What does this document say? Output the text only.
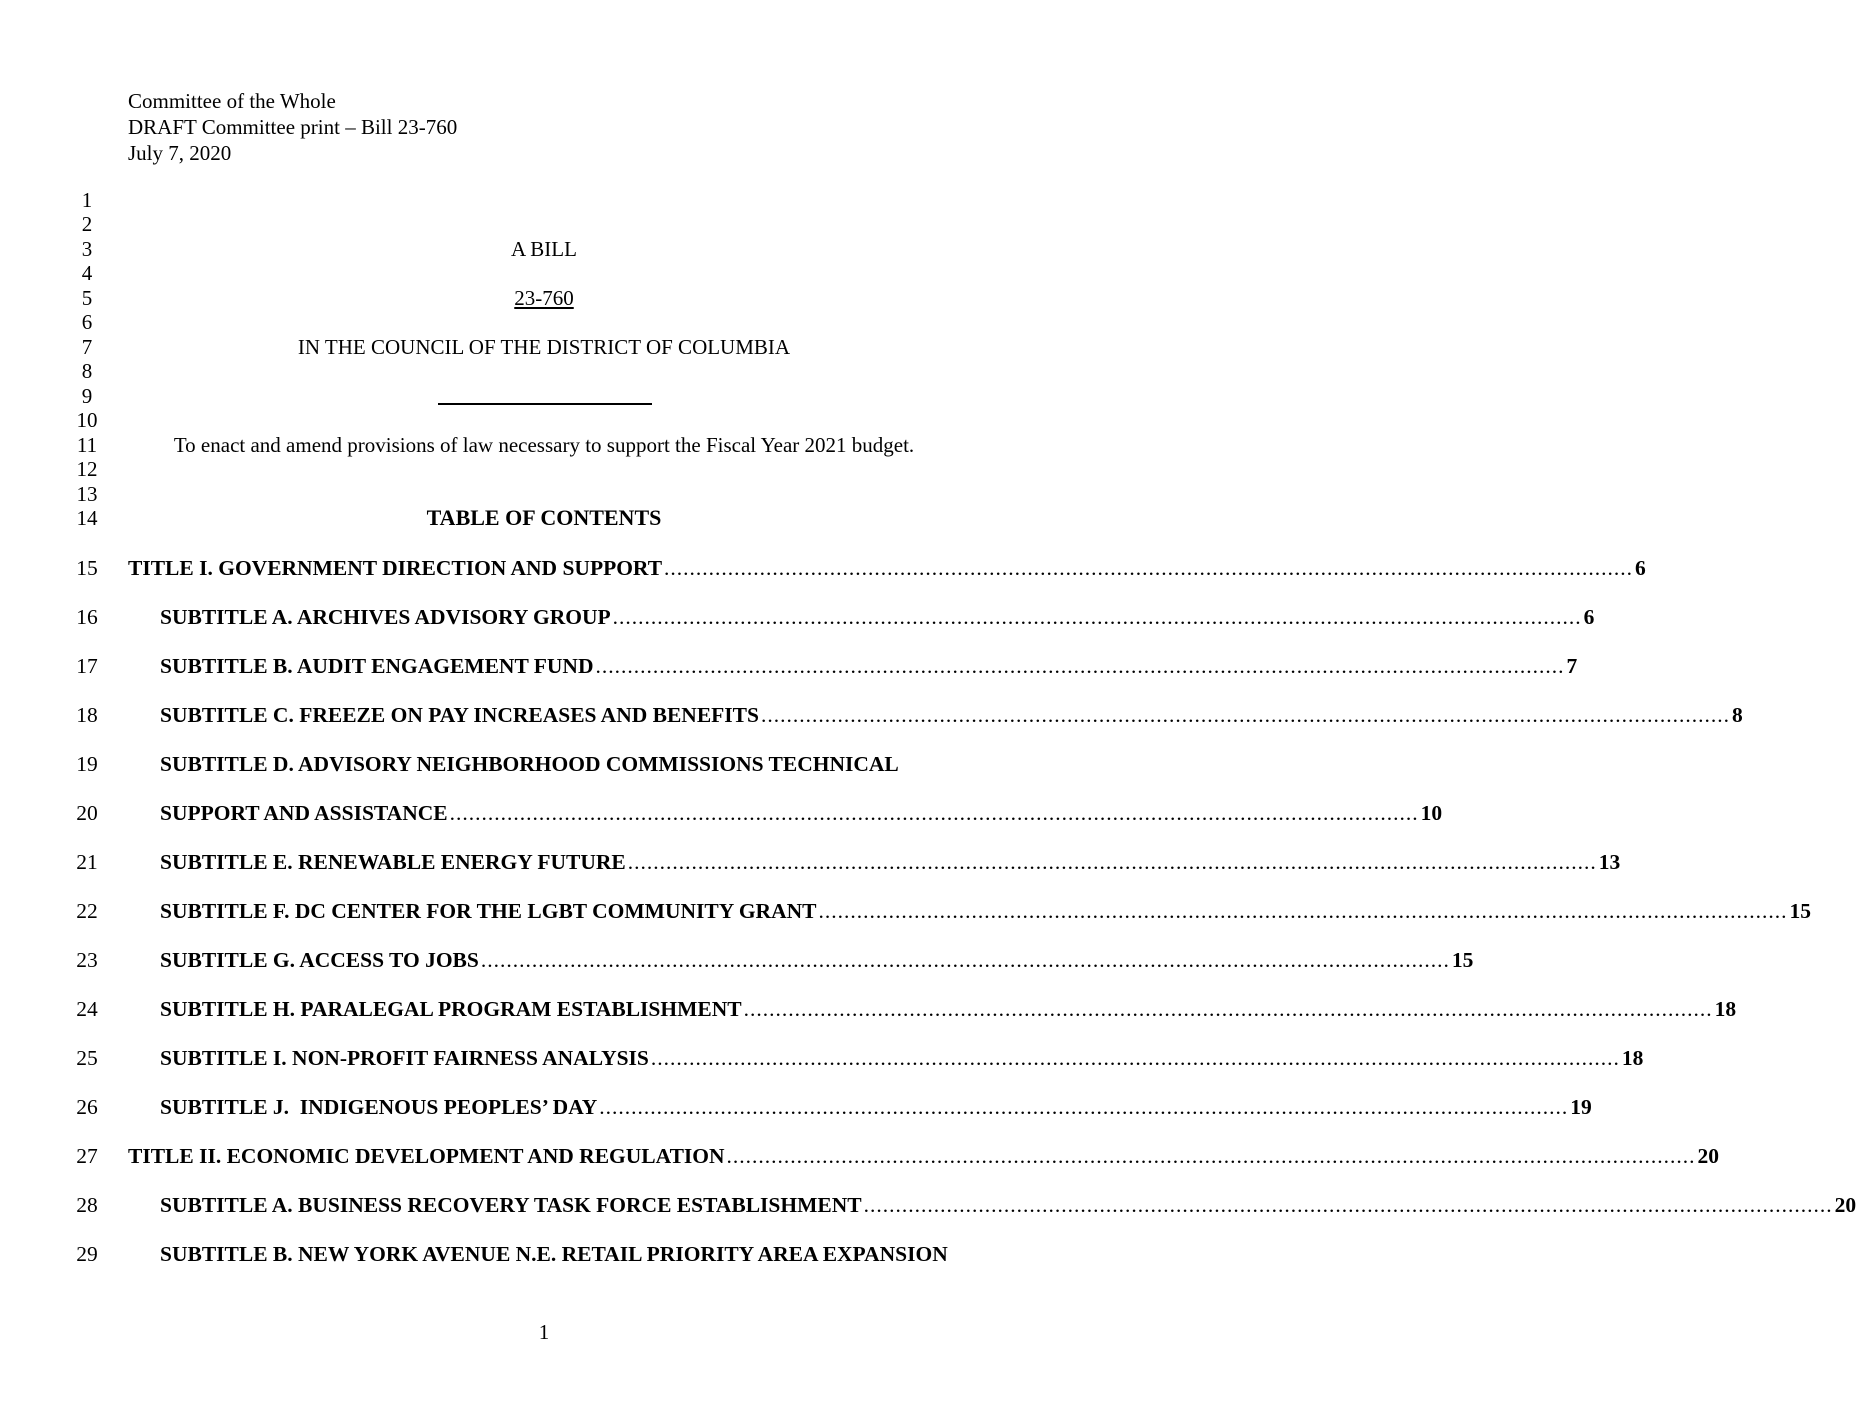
Committee of the Whole
DRAFT Committee print – Bill 23-760
July 7, 2020
1
2
3
4
5
6
7
8
9
10
11
12
13
14
A BILL
23-760
IN THE COUNCIL OF THE DISTRICT OF COLUMBIA
To enact and amend provisions of law necessary to support the Fiscal Year 2021 budget.
TABLE OF CONTENTS
15	TITLE I. GOVERNMENT DIRECTION AND SUPPORT ........................................................................................................................................................ 6
16	SUBTITLE A. ARCHIVES ADVISORY GROUP ........................................................................................................................................................ 6
17	SUBTITLE B. AUDIT ENGAGEMENT FUND ........................................................................................................................................................ 7
18	SUBTITLE C. FREEZE ON PAY INCREASES AND BENEFITS ........................................................................................................................................................ 8
19	SUBTITLE D. ADVISORY NEIGHBORHOOD COMMISSIONS TECHNICAL
20	SUPPORT AND ASSISTANCE ........................................................................................................................................................ 10
21	SUBTITLE E. RENEWABLE ENERGY FUTURE ........................................................................................................................................................ 13
22	SUBTITLE F. DC CENTER FOR THE LGBT COMMUNITY GRANT ........................................................................................................................................................ 15
23	SUBTITLE G. ACCESS TO JOBS ........................................................................................................................................................ 15
24	SUBTITLE H. PARALEGAL PROGRAM ESTABLISHMENT ........................................................................................................................................................ 18
25	SUBTITLE I. NON-PROFIT FAIRNESS ANALYSIS ........................................................................................................................................................ 18
26	SUBTITLE J.  INDIGENOUS PEOPLES’ DAY ........................................................................................................................................................ 19
27	TITLE II. ECONOMIC DEVELOPMENT AND REGULATION ........................................................................................................................................................ 20
28	SUBTITLE A. BUSINESS RECOVERY TASK FORCE ESTABLISHMENT ........................................................................................................................................................ 20
29	SUBTITLE B. NEW YORK AVENUE N.E. RETAIL PRIORITY AREA EXPANSION
1
